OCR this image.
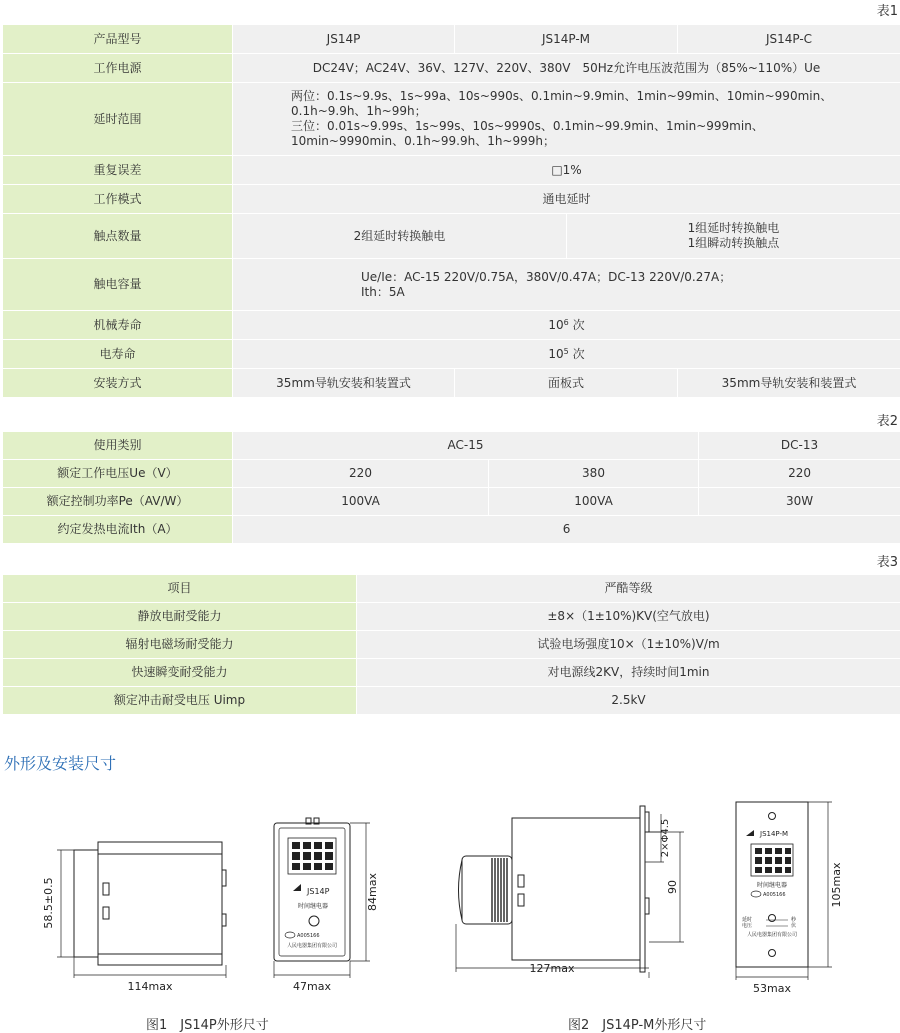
表1
产品型号	JS14P	JS14P-M		JS14P-C
工作电源	DC24V；AC24V、36V、127V、220V、380V　50Hz允许电压波范围为（85%~110%）Ue			
延时范围	两位：0.1s~9.9s、1s~99a、10s~990s、0.1min~9.9min、1min~99min、10min~990min、
0.1h~9.9h、1h~99h；
三位：0.01s~9.99s、1s~99s、10s~9990s、0.1min~99.9min、1min~999min、
10min~9990min、0.1h~99.9h、1h~999h；			

重复误差	□1%			
工作模式	通电延时			
触点数量	2组延时转换触电		1组延时转换触电
1组瞬动转换触点	

触电容量	Ue/Ie：AC-15 220V/0.75A，380V/0.47A；DC-13 220V/0.27A；
Ith：5A			

机械寿命	$10^6$ 次			
电寿命	$10^5$ 次			
安装方式	35mm导轨安装和装置式	面板式		35mm导轨安装和装置式
表2
使用类别	AC-15		DC-13
额定工作电压Ue（V）	220	380	220
额定控制功率Pe（AV/W）	100VA	100VA	30W
约定发热电流Ith（A）	6		
表3
项目	严酷等级
静放电耐受能力	±8×（1±10%)KV(空气放电)
辐射电磁场耐受能力	试验电场强度10×（1±10%)V/m
快速瞬变耐受能力	对电源线2KV，持续时间1min
额定冲击耐受电压 Uimp	2.5kV
外形及安装尺寸
58.5±0.5
114max
JS14P
时间继电器
A005166
人民电器集团有限公司
84max
47max
2×Φ4.5
90
127max
JS14P-M
时间继电器
A005166
延时
电压
秒
伏
人民电器集团有限公司
105max
53max
图1　JS14P外形尺寸	图2　JS14P-M外形尺寸
